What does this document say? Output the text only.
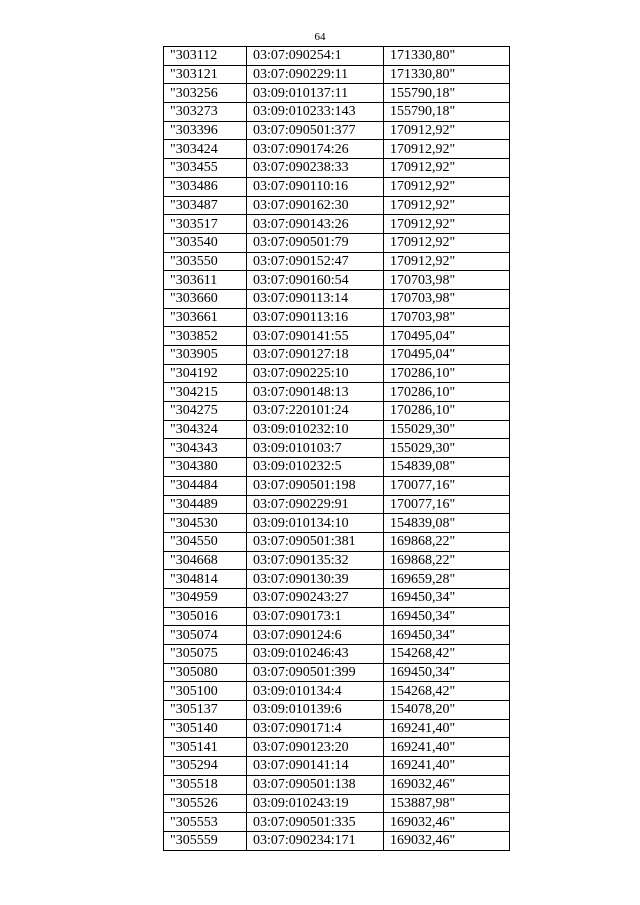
64
"303112	03:07:090254:1	171330,80"
"303121	03:07:090229:11	171330,80"
"303256	03:09:010137:11	155790,18"
"303273	03:09:010233:143	155790,18"
"303396	03:07:090501:377	170912,92"
"303424	03:07:090174:26	170912,92"
"303455	03:07:090238:33	170912,92"
"303486	03:07:090110:16	170912,92"
"303487	03:07:090162:30	170912,92"
"303517	03:07:090143:26	170912,92"
"303540	03:07:090501:79	170912,92"
"303550	03:07:090152:47	170912,92"
"303611	03:07:090160:54	170703,98"
"303660	03:07:090113:14	170703,98"
"303661	03:07:090113:16	170703,98"
"303852	03:07:090141:55	170495,04"
"303905	03:07:090127:18	170495,04"
"304192	03:07:090225:10	170286,10"
"304215	03:07:090148:13	170286,10"
"304275	03:07:220101:24	170286,10"
"304324	03:09:010232:10	155029,30"
"304343	03:09:010103:7	155029,30"
"304380	03:09:010232:5	154839,08"
"304484	03:07:090501:198	170077,16"
"304489	03:07:090229:91	170077,16"
"304530	03:09:010134:10	154839,08"
"304550	03:07:090501:381	169868,22"
"304668	03:07:090135:32	169868,22"
"304814	03:07:090130:39	169659,28"
"304959	03:07:090243:27	169450,34"
"305016	03:07:090173:1	169450,34"
"305074	03:07:090124:6	169450,34"
"305075	03:09:010246:43	154268,42"
"305080	03:07:090501:399	169450,34"
"305100	03:09:010134:4	154268,42"
"305137	03:09:010139:6	154078,20"
"305140	03:07:090171:4	169241,40"
"305141	03:07:090123:20	169241,40"
"305294	03:07:090141:14	169241,40"
"305518	03:07:090501:138	169032,46"
"305526	03:09:010243:19	153887,98"
"305553	03:07:090501:335	169032,46"
"305559	03:07:090234:171	169032,46"
